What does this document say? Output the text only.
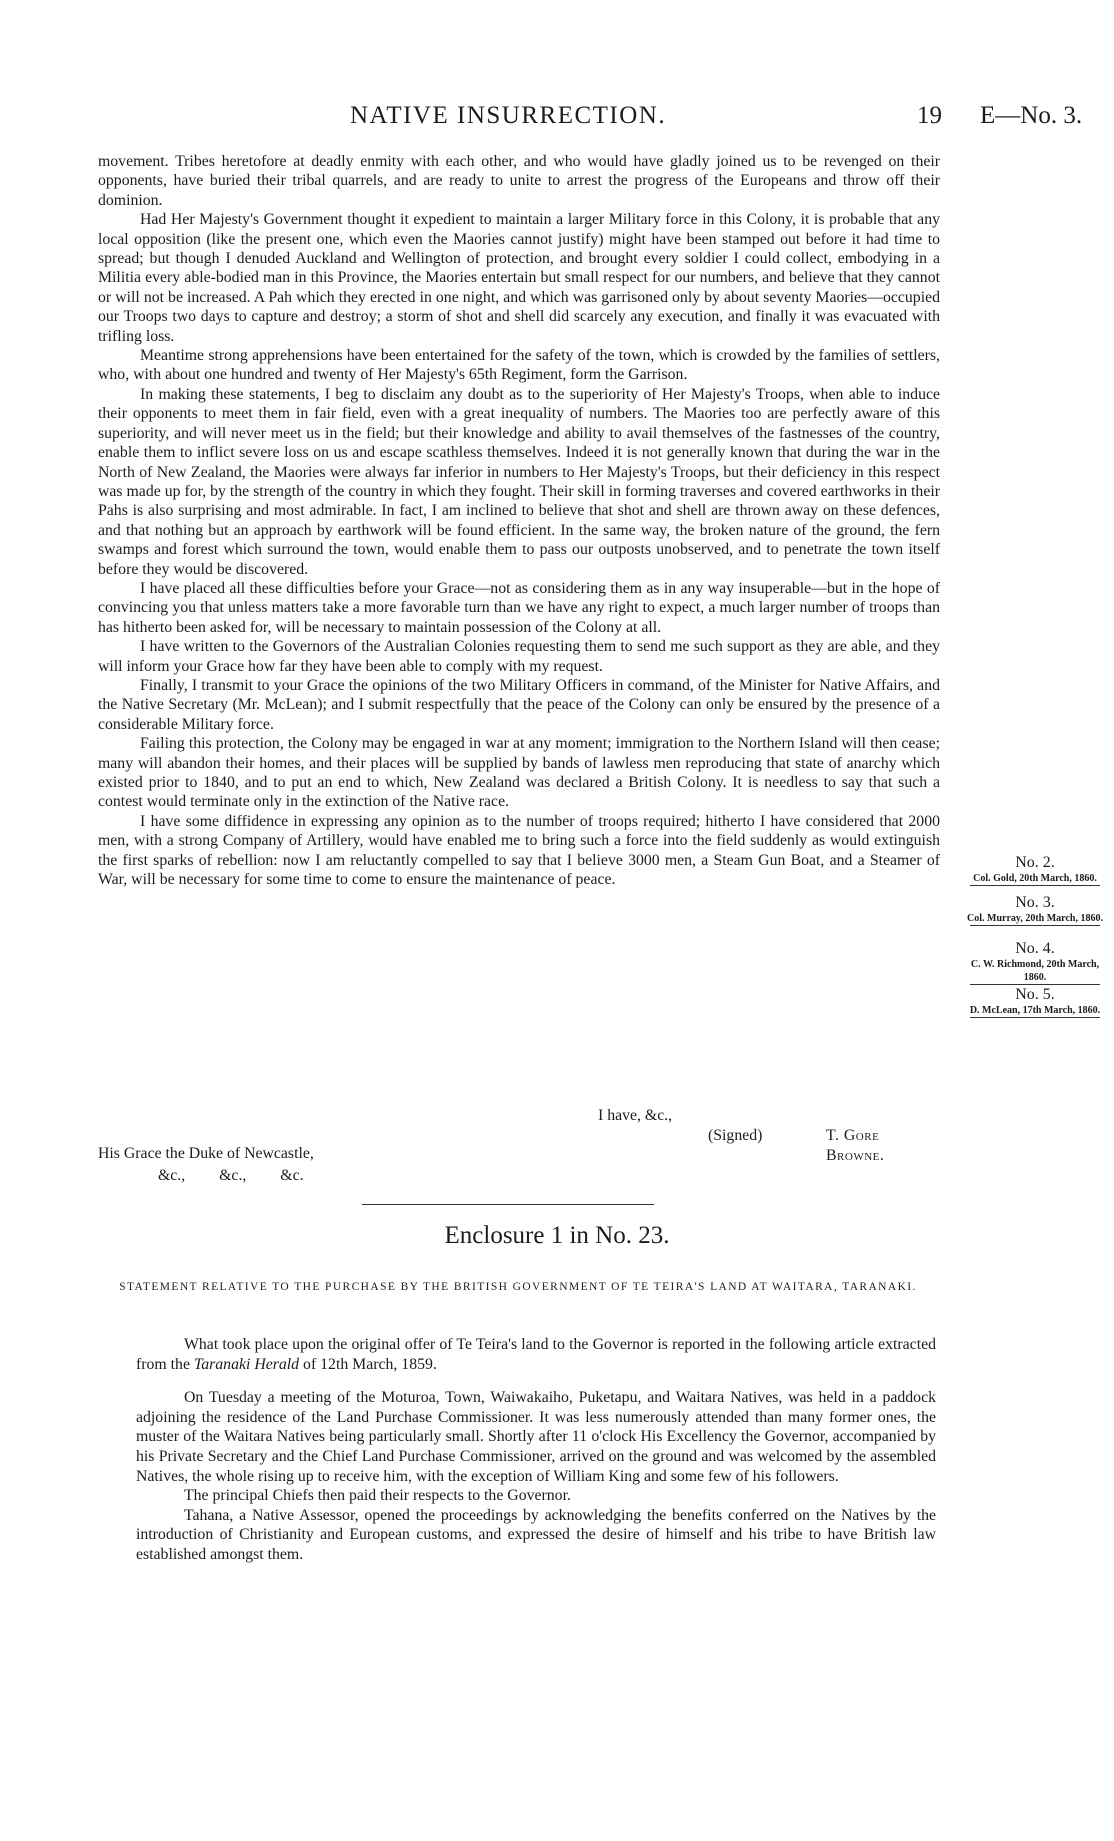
NATIVE INSURRECTION.	19 E—No. 3.

movement. Tribes heretofore at deadly enmity with each other, and who would have gladly joined us to be revenged on their opponents, have buried their tribal quarrels, and are ready to unite to arrest the progress of the Europeans and throw off their dominion.

Had Her Majesty's Government thought it expedient to maintain a larger Military force in this Colony, it is probable that any local opposition (like the present one, which even the Maories cannot justify) might have been stamped out before it had time to spread; but though I denuded Auckland and Wellington of protection, and brought every soldier I could collect, embodying in a Militia every able-bodied man in this Province, the Maories entertain but small respect for our numbers, and believe that they cannot or will not be increased. A Pah which they erected in one night, and which was garrisoned only by about seventy Maories—occupied our Troops two days to capture and destroy; a storm of shot and shell did scarcely any execution, and finally it was evacuated with trifling loss.

Meantime strong apprehensions have been entertained for the safety of the town, which is crowded by the families of settlers, who, with about one hundred and twenty of Her Majesty's 65th Regiment, form the Garrison.

In making these statements, I beg to disclaim any doubt as to the superiority of Her Majesty's Troops, when able to induce their opponents to meet them in fair field, even with a great inequality of numbers. The Maories too are perfectly aware of this superiority, and will never meet us in the field; but their knowledge and ability to avail themselves of the fastnesses of the country, enable them to inflict severe loss on us and escape scathless themselves. Indeed it is not generally known that during the war in the North of New Zealand, the Maories were always far inferior in numbers to Her Majesty's Troops, but their deficiency in this respect was made up for, by the strength of the country in which they fought. Their skill in forming traverses and covered earthworks in their Pahs is also surprising and most admirable. In fact, I am inclined to believe that shot and shell are thrown away on these defences, and that nothing but an approach by earthwork will be found efficient. In the same way, the broken nature of the ground, the fern swamps and forest which surround the town, would enable them to pass our outposts unobserved, and to penetrate the town itself before they would be discovered.

I have placed all these difficulties before your Grace—not as considering them as in any way insuperable—but in the hope of convincing you that unless matters take a more favorable turn than we have any right to expect, a much larger number of troops than has hitherto been asked for, will be necessary to maintain possession of the Colony at all.

I have written to the Governors of the Australian Colonies requesting them to send me such support as they are able, and they will inform your Grace how far they have been able to comply with my request.

Finally, I transmit to your Grace the opinions of the two Military Officers in command, of the Minister for Native Affairs, and the Native Secretary (Mr. McLean); and I submit respectfully that the peace of the Colony can only be ensured by the presence of a considerable Military force.

Failing this protection, the Colony may be engaged in war at any moment; immigration to the Northern Island will then cease; many will abandon their homes, and their places will be supplied by bands of lawless men reproducing that state of anarchy which existed prior to 1840, and to put an end to which, New Zealand was declared a British Colony. It is needless to say that such a contest would terminate only in the extinction of the Native race.

I have some diffidence in expressing any opinion as to the number of troops required; hitherto I have considered that 2000 men, with a strong Company of Artillery, would have enabled me to bring such a force into the field suddenly as would extinguish the first sparks of rebellion: now I am reluctantly compelled to say that I believe 3000 men, a Steam Gun Boat, and a Steamer of War, will be necessary for some time to come to ensure the maintenance of peace.

No. 2.
Col. Gold, 20th March, 1860.
No. 3.
Col. Murray, 20th March, 1860.
No. 4.
C. W. Richmond, 20th March, 1860.
No. 5.
D. McLean, 17th March, 1860.
I have, &c.,
(Signed)	T. Gore Browne.
His Grace the Duke of Newcastle,
&c., &c., &c.
Enclosure 1 in No. 23.
STATEMENT RELATIVE TO THE PURCHASE BY THE BRITISH GOVERNMENT OF TE TEIRA'S LAND AT WAITARA, TARANAKI.

What took place upon the original offer of Te Teira's land to the Governor is reported in the following article extracted from the Taranaki Herald of 12th March, 1859.

On Tuesday a meeting of the Moturoa, Town, Waiwakaiho, Puketapu, and Waitara Natives, was held in a paddock adjoining the residence of the Land Purchase Commissioner. It was less numerously attended than many former ones, the muster of the Waitara Natives being particularly small. Shortly after 11 o'clock His Excellency the Governor, accompanied by his Private Secretary and the Chief Land Purchase Commissioner, arrived on the ground and was welcomed by the assembled Natives, the whole rising up to receive him, with the exception of William King and some few of his followers.

The principal Chiefs then paid their respects to the Governor.

Tahana, a Native Assessor, opened the proceedings by acknowledging the benefits conferred on the Natives by the introduction of Christianity and European customs, and expressed the desire of himself and his tribe to have British law established amongst them.
